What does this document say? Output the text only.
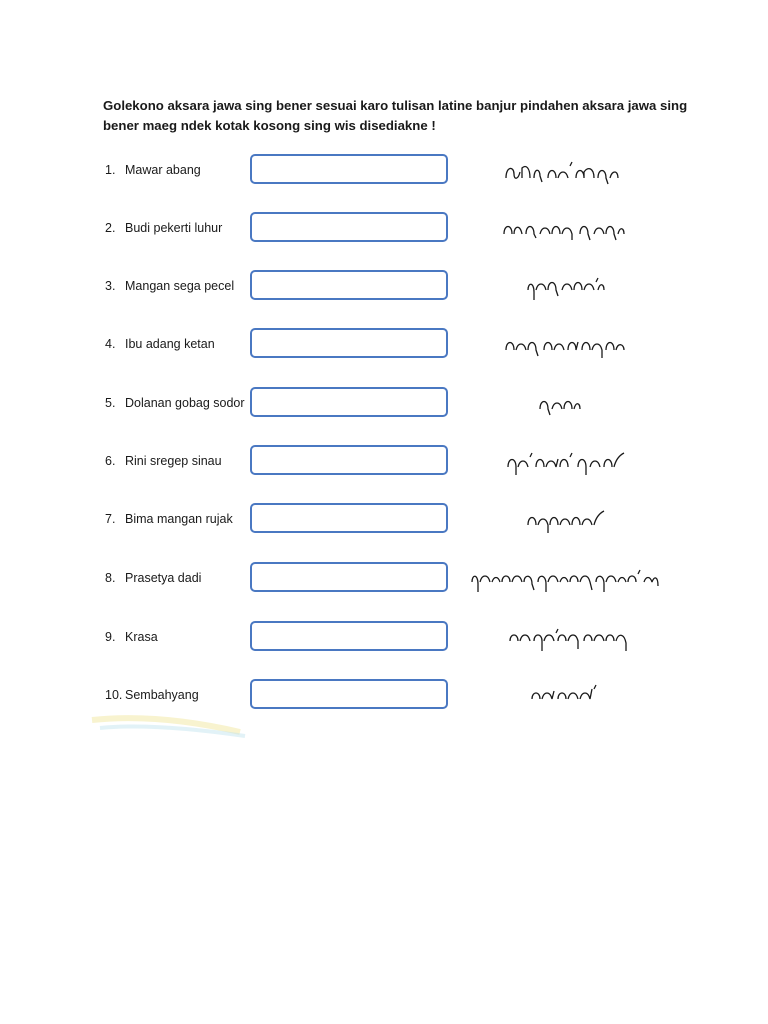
Golekono aksara jawa sing bener sesuai karo tulisan latine banjur pindahen aksara jawa sing
bener maeg ndek kotak kosong sing wis disediakne !
1. Mawar abang
2. Budi pekerti luhur
3. Mangan sega pecel
4. Ibu adang ketan
5. Dolanan gobag sodor
6. Rini sregep sinau
7. Bima mangan rujak
8. Prasetya dadi
9. Krasa
10. Sembahyang
